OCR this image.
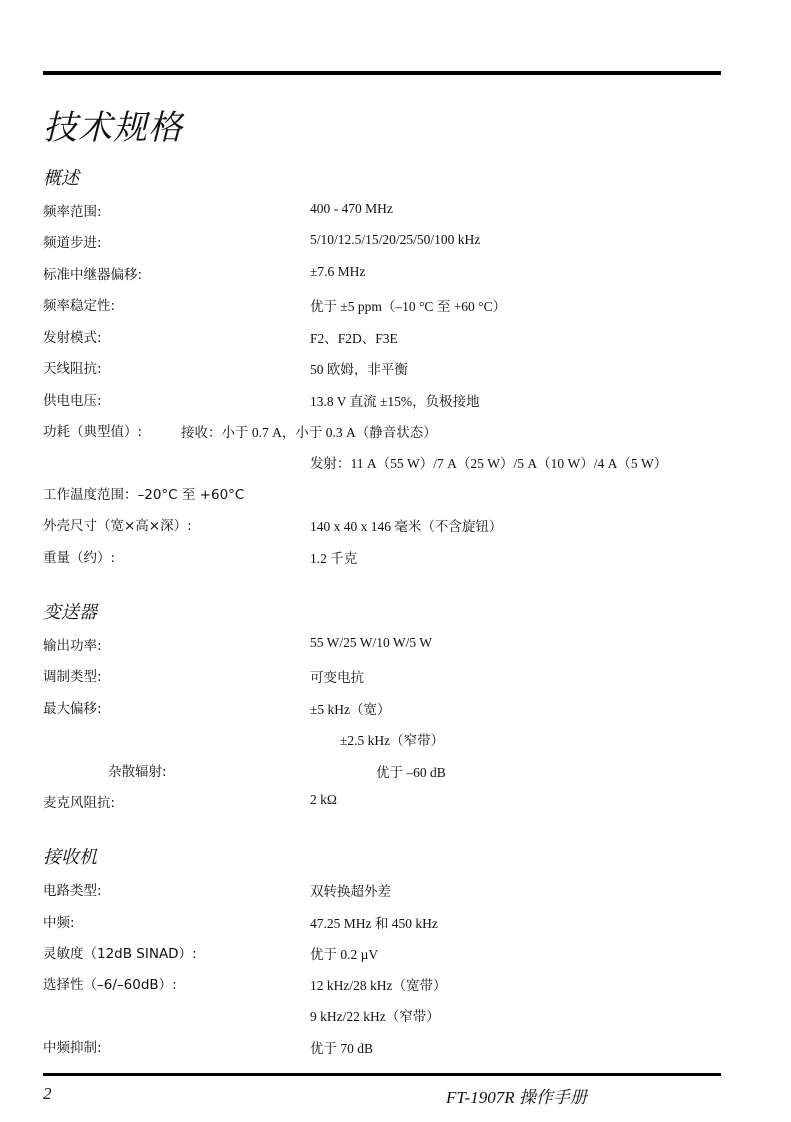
技术规格
概述
频率范围:	400 - 470 MHz
频道步进:	5/10/12.5/15/20/25/50/100 kHz
标准中继器偏移:	±7.6 MHz
频率稳定性:	优于 ±5 ppm（–10 °C 至 +60 °C）
发射模式:	F2、F2D、F3E
天线阻抗:	50 欧姆，非平衡
供电电压:	13.8 V 直流 ±15%，负极接地
功耗（典型值）:	接收：小于 0.7 A，小于 0.3 A（静音状态）
发射：11 A（55 W）/7 A（25 W）/5 A（10 W）/4 A（5 W）
工作温度范围：–20°C 至 +60°C
外壳尺寸（宽×高×深）:	140 x 40 x 146 毫米（不含旋钮）
重量（约）:	1.2 千克
变送器
输出功率:	55 W/25 W/10 W/5 W
调制类型:	可变电抗
最大偏移:	±5 kHz（宽）
±2.5 kHz（窄带）
杂散辐射:	优于 –60 dB
麦克风阻抗:	2 kΩ
接收机
电路类型:	双转换超外差
中频:	47.25 MHz 和 450 kHz
灵敏度（12dB SINAD）:	优于 0.2 µV
选择性（–6/–60dB）:	12 kHz/28 kHz（宽带）
9 kHz/22 kHz（窄带）
中频抑制:	优于 70 dB
2	FT-1907R 操作手册
